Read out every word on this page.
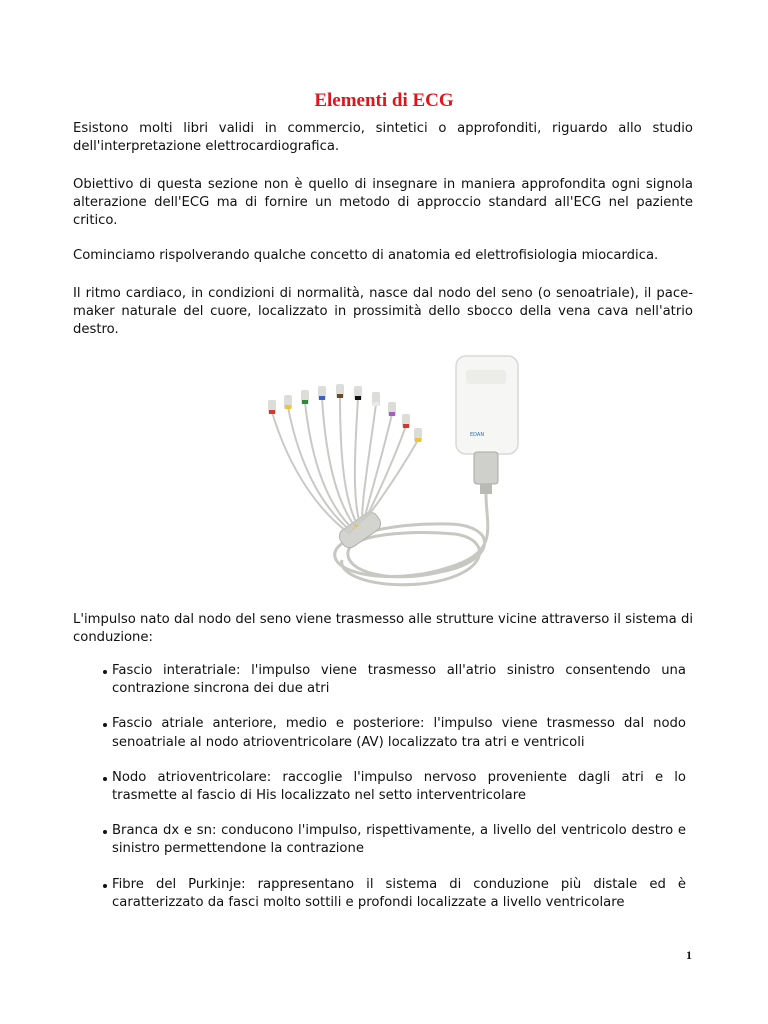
Elementi di ECG
Esistono molti libri validi in commercio, sintetici o approfonditi, riguardo allo studio dell'interpretazione elettrocardiografica.
Obiettivo di questa sezione non è quello di insegnare in maniera approfondita ogni signola alterazione dell'ECG ma di fornire un metodo di approccio standard all'ECG nel paziente critico.
Cominciamo rispolverando qualche concetto di anatomia ed elettrofisiologia miocardica.
Il ritmo cardiaco, in condizioni di normalità, nasce dal nodo del seno (o senoatriale), il pace-maker naturale del cuore, localizzato in prossimità dello sbocco della vena cava nell'atrio destro.
EDAN
L'impulso nato dal nodo del seno viene trasmesso alle strutture vicine attraverso il sistema di conduzione:
Fascio interatriale: l'impulso viene trasmesso all'atrio sinistro consentendo una contrazione sincrona dei due atri
Fascio atriale anteriore, medio e posteriore: l'impulso viene trasmesso dal nodo senoatriale al nodo atrioventricolare (AV) localizzato tra atri e ventricoli
Nodo atrioventricolare: raccoglie l'impulso nervoso proveniente dagli atri e lo trasmette al fascio di His localizzato nel setto interventricolare
Branca dx e sn: conducono l'impulso, rispettivamente, a livello del ventricolo destro e sinistro permettendone la contrazione
Fibre del Purkinje: rappresentano il sistema di conduzione più distale ed è caratterizzato da fasci molto sottili e profondi localizzate a livello ventricolare
1
